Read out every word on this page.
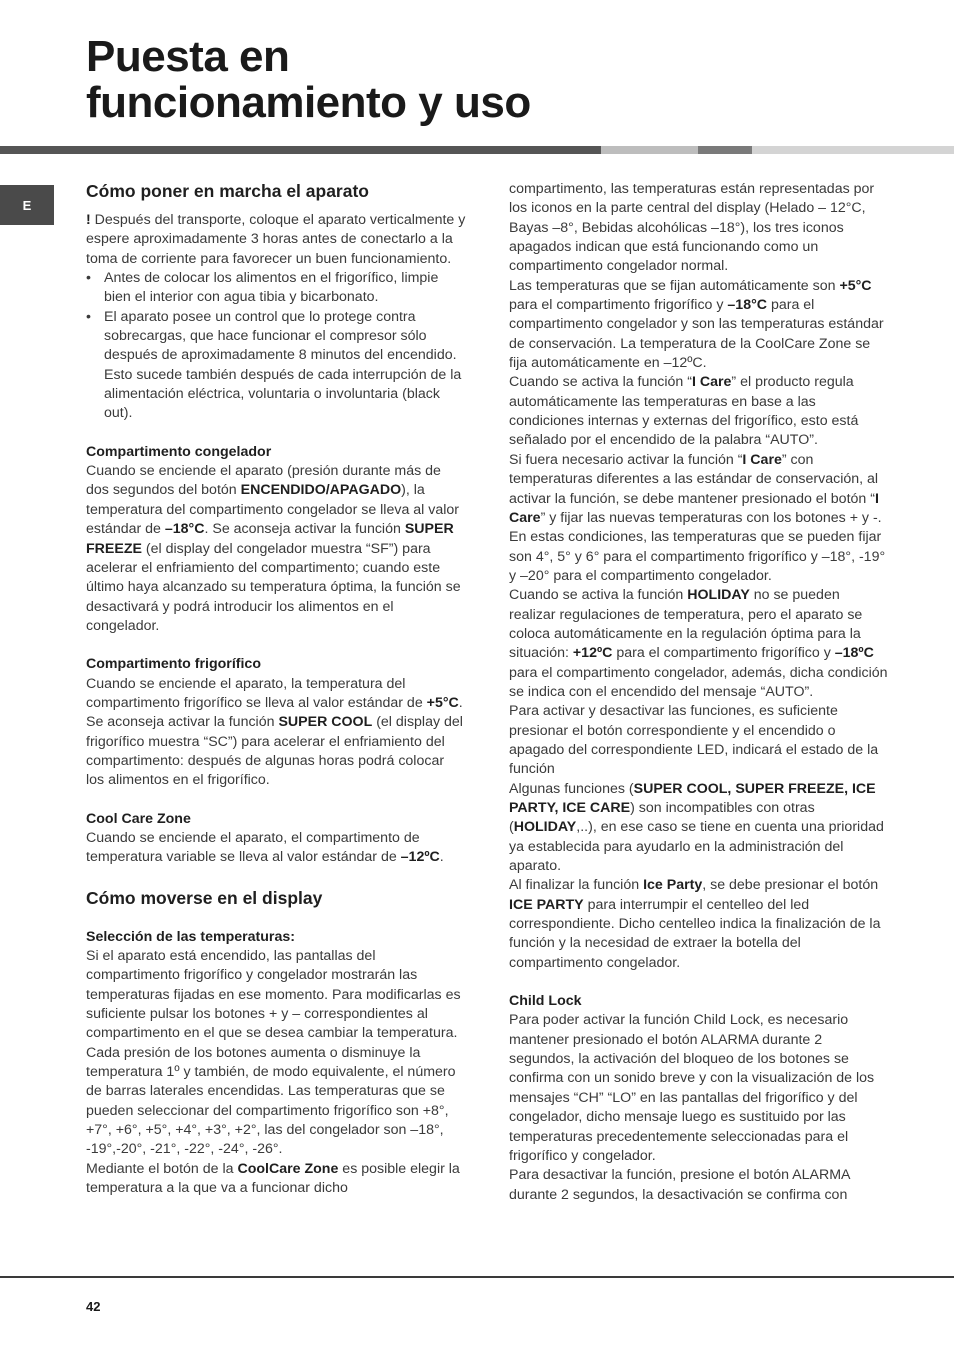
Puesta en
funcionamiento y uso
E
Cómo poner en marcha el aparato

! Después del transporte, coloque el aparato verticalmente y espere aproximadamente 3 horas antes de conectarlo a la toma de corriente para favorecer un buen funcionamiento.

• Antes de colocar los alimentos en el frigorífico, limpie bien el interior con agua tibia y bicarbonato.
• El aparato posee un control que lo protege contra sobrecargas, que hace funcionar el compresor sólo después de aproximadamente 8 minutos del encendido. Esto sucede también después de cada interrupción de la alimentación eléctrica, voluntaria o involuntaria (black out).
Compartimento congelador

Cuando se enciende el aparato (presión durante más de dos segundos del botón ENCENDIDO/APAGADO), la temperatura del compartimento congelador se lleva al valor estándar de –18°C. Se aconseja activar la función SUPER FREEZE (el display del congelador muestra “SF”) para acelerar el enfriamiento del compartimento; cuando este último haya alcanzado su temperatura óptima, la función se desactivará y podrá introducir los alimentos en el congelador.

Compartimento frigorífico

Cuando se enciende el aparato, la temperatura del compartimento frigorífico se lleva al valor estándar de +5°C. Se aconseja activar la función SUPER COOL (el display del frigorífico muestra “SC”) para acelerar el enfriamiento del compartimento: después de algunas horas podrá colocar los alimentos en el frigorífico.

Cool Care Zone

Cuando se enciende el aparato, el compartimento de temperatura variable se lleva al valor estándar de –12ºC.

Cómo moverse en el display
Selección de las temperaturas:

Si el aparato está encendido, las pantallas del compartimento frigorífico y congelador mostrarán las temperaturas fijadas en ese momento. Para modificarlas es suficiente pulsar los botones + y – correspondientes al compartimento en el que se desea cambiar la temperatura. Cada presión de los botones aumenta o disminuye la temperatura 1º y también, de modo equivalente, el número de barras laterales encendidas. Las temperaturas que se pueden seleccionar del compartimento frigorífico son +8°, +7°, +6°, +5°, +4°, +3°, +2°, las del congelador son –18°, -19°,-20°, -21°, -22°, -24°, -26°.

Mediante el botón de la CoolCare Zone es posible elegir la temperatura a la que va a funcionar dicho

compartimento, las temperaturas están representadas por los iconos en la parte central del display (Helado – 12°C, Bayas –8°, Bebidas alcohólicas –18°), los tres iconos apagados indican que está funcionando como un compartimento congelador normal.

Las temperaturas que se fijan automáticamente son +5°C para el compartimento frigorífico y –18°C para el compartimento congelador y son las temperaturas estándar de conservación. La temperatura de la CoolCare Zone se fija automáticamente en –12ºC.

Cuando se activa la función “I Care” el producto regula automáticamente las temperaturas en base a las condiciones internas y externas del frigorífico, esto está señalado por el encendido de la palabra “AUTO”.

Si fuera necesario activar la función “I Care” con temperaturas diferentes a las estándar de conservación, al activar la función, se debe mantener presionado el botón “I Care” y fijar las nuevas temperaturas con los botones + y -. En estas condiciones, las temperaturas que se pueden fijar son 4°, 5° y 6° para el compartimento frigorífico y –18°, -19° y –20° para el compartimento congelador.

Cuando se activa la función HOLIDAY no se pueden realizar regulaciones de temperatura, pero el aparato se coloca automáticamente en la regulación óptima para la situación: +12ºC para el compartimento frigorífico y –18ºC para el compartimento congelador, además, dicha condición se indica con el encendido del mensaje “AUTO”.

Para activar y desactivar las funciones, es suficiente presionar el botón correspondiente y el encendido o apagado del correspondiente LED, indicará el estado de la función

Algunas funciones (SUPER COOL, SUPER FREEZE, ICE PARTY, ICE CARE) son incompatibles con otras (HOLIDAY,..), en ese caso se tiene en cuenta una prioridad ya establecida para ayudarlo en la administración del aparato.

Al finalizar la función Ice Party, se debe presionar el botón ICE PARTY para interrumpir el centelleo del led correspondiente. Dicho centelleo indica la finalización de la función y la necesidad de extraer la botella del compartimento congelador.

Child Lock

Para poder activar la función Child Lock, es necesario mantener presionado el botón ALARMA durante 2 segundos, la activación del bloqueo de los botones se confirma con un sonido breve y con la visualización de los mensajes “CH” “LO” en las pantallas del frigorífico y del congelador, dicho mensaje luego es sustituido por las temperaturas precedentemente seleccionadas para el frigorífico y congelador.

Para desactivar la función, presione el botón ALARMA durante 2 segundos, la desactivación se confirma con

42
